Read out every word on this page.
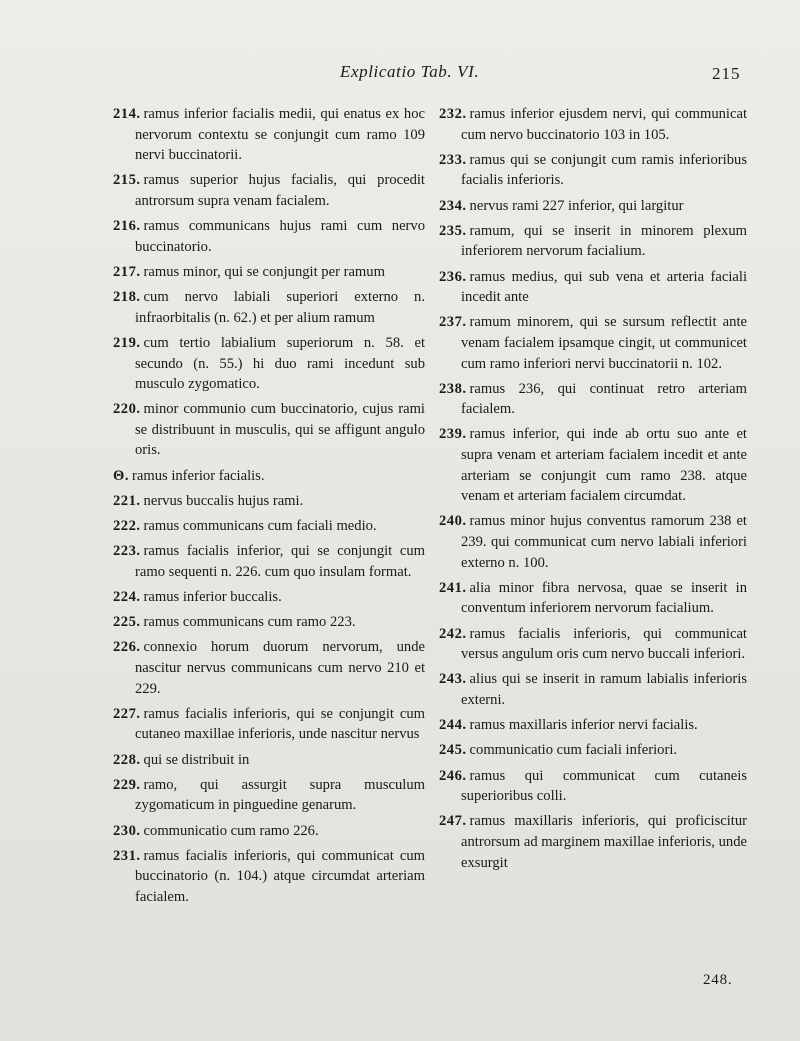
Explicatio Tab. VI.	215

214. ramus inferior facialis medii, qui enatus ex hoc nervorum contextu se conjungit cum ramo 109 nervi buccinatorii.

215. ramus superior hujus facialis, qui procedit antrorsum supra venam facialem.

216. ramus communicans hujus rami cum nervo buccinatorio.

217. ramus minor, qui se conjungit per ramum

218. cum nervo labiali superiori externo n. infraorbitalis (n. 62.) et per alium ramum

219. cum tertio labialium superiorum n. 58. et secundo (n. 55.) hi duo rami incedunt sub musculo zygomatico.

220. minor communio cum buccinatorio, cujus rami se distribuunt in musculis, qui se affigunt angulo oris.

Θ. ramus inferior facialis.

221. nervus buccalis hujus rami.

222. ramus communicans cum faciali medio.

223. ramus facialis inferior, qui se conjungit cum ramo sequenti n. 226. cum quo insulam format.

224. ramus inferior buccalis.

225. ramus communicans cum ramo 223.

226. connexio horum duorum nervorum, unde nascitur nervus communicans cum nervo 210 et 229.

227. ramus facialis inferioris, qui se conjungit cum cutaneo maxillae inferioris, unde nascitur nervus

228. qui se distribuit in

229. ramo, qui assurgit supra musculum zygomaticum in pinguedine genarum.

230. communicatio cum ramo 226.

231. ramus facialis inferioris, qui communicat cum buccinatorio (n. 104.) atque circumdat arteriam facialem.

232. ramus inferior ejusdem nervi, qui communicat cum nervo buccinatorio 103 in 105.

233. ramus qui se conjungit cum ramis inferioribus facialis inferioris.

234. nervus rami 227 inferior, qui largitur

235. ramum, qui se inserit in minorem plexum inferiorem nervorum facialium.

236. ramus medius, qui sub vena et arteria faciali incedit ante

237. ramum minorem, qui se sursum reflectit ante venam facialem ipsamque cingit, ut communicet cum ramo inferiori nervi buccinatorii n. 102.

238. ramus 236, qui continuat retro arteriam facialem.

239. ramus inferior, qui inde ab ortu suo ante et supra venam et arteriam facialem incedit et ante arteriam se conjungit cum ramo 238. atque venam et arteriam facialem circumdat.

240. ramus minor hujus conventus ramorum 238 et 239. qui communicat cum nervo labiali inferiori externo n. 100.

241. alia minor fibra nervosa, quae se inserit in conventum inferiorem nervorum facialium.

242. ramus facialis inferioris, qui communicat versus angulum oris cum nervo buccali inferiori.

243. alius qui se inserit in ramum labialis inferioris externi.

244. ramus maxillaris inferior nervi facialis.

245. communicatio cum faciali inferiori.

246. ramus qui communicat cum cutaneis superioribus colli.

247. ramus maxillaris inferioris, qui proficiscitur antrorsum ad marginem maxillae inferioris, unde exsurgit

248.
